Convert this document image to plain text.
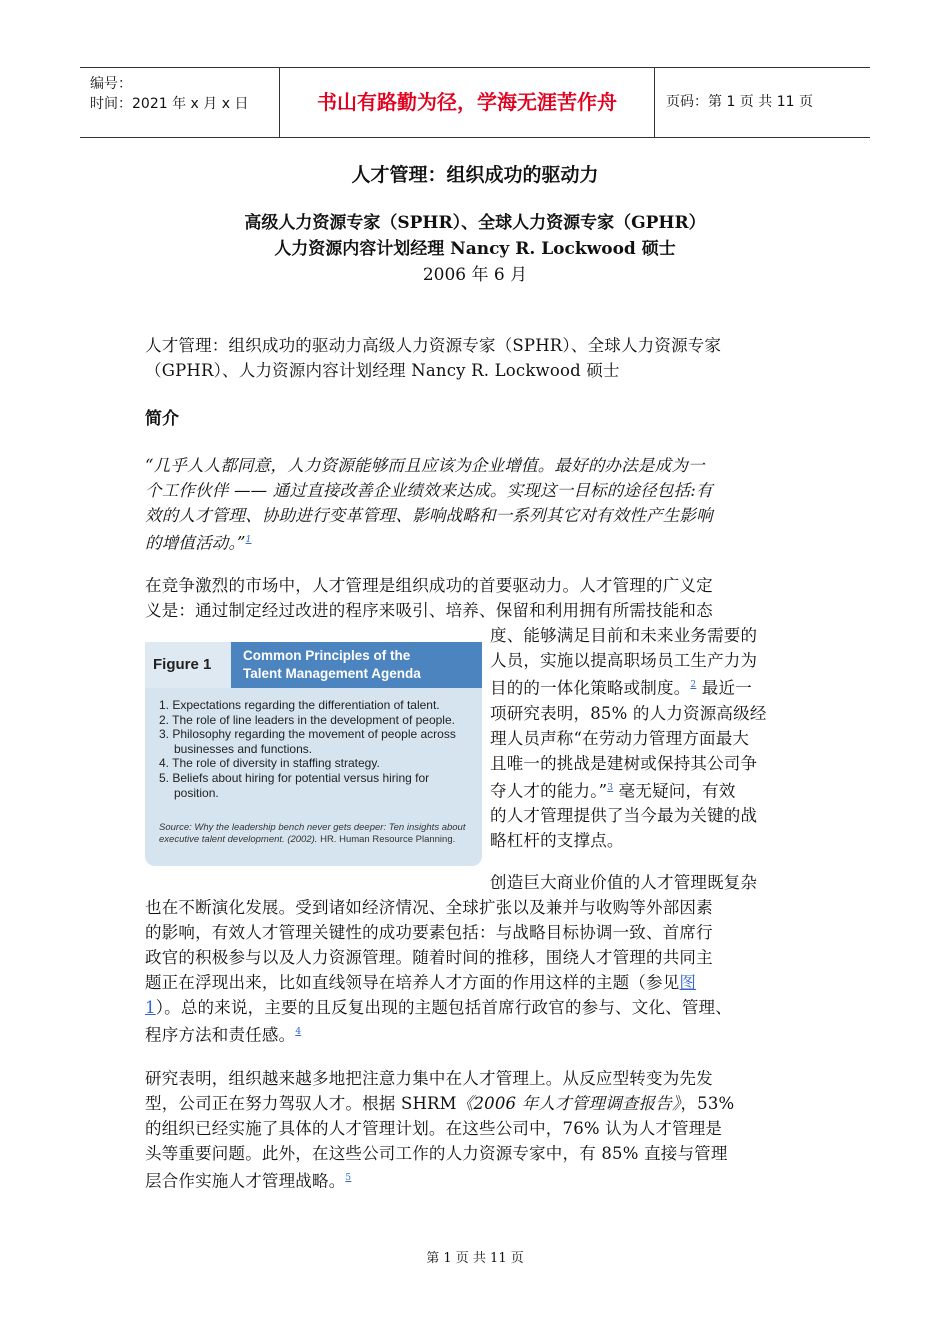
编号：
时间：2021 年 x 月 x 日	书山有路勤为径，学海无涯苦作舟	页码：第 1 页 共 11 页
人才管理：组织成功的驱动力
高级人力资源专家（SPHR）、全球人力资源专家（GPHR）
人力资源内容计划经理 Nancy R. Lockwood 硕士
2006 年 6 月
人才管理：组织成功的驱动力高级人力资源专家（SPHR）、全球人力资源专家
（GPHR）、人力资源内容计划经理 Nancy R. Lockwood 硕士
简介
“几乎人人都同意，人力资源能够而且应该为企业增值。最好的办法是成为一
个工作伙伴 —— 通过直接改善企业绩效来达成。实现这一目标的途径包括:有
效的人才管理、协助进行变革管理、影响战略和一系列其它对有效性产生影响
的增值活动。”$^1$
在竞争激烈的市场中，人才管理是组织成功的首要驱动力。人才管理的广义定
义是：通过制定经过改进的程序来吸引、培养、保留和利用拥有所需技能和态
度、能够满足目前和未来业务需要的
人员，实施以提高职场员工生产力为
目的的一体化策略或制度。$^2$ 最近一
项研究表明，85% 的人力资源高级经
理人员声称“在劳动力管理方面最大
且唯一的挑战是建树或保持其公司争
夺人才的能力。”$^3$ 毫无疑问，有效
的人才管理提供了当今最为关键的战
略杠杆的支撑点。
Figure 1
Common Principles of the
Talent Management Agenda
1. Expectations regarding the differentiation of talent.
2. The role of line leaders in the development of people.
3. Philosophy regarding the movement of people across businesses and functions.
4. The role of diversity in staffing strategy.
5. Beliefs about hiring for potential versus hiring for position.
Source: Why the leadership bench never gets deeper: Ten insights about executive talent development. (2002). HR. Human Resource Planning.
创造巨大商业价值的人才管理既复杂
也在不断演化发展。受到诸如经济情况、全球扩张以及兼并与收购等外部因素
的影响，有效人才管理关键性的成功要素包括：与战略目标协调一致、首席行
政官的积极参与以及人力资源管理。随着时间的推移，围绕人才管理的共同主
题正在浮现出来，比如直线领导在培养人才方面的作用这样的主题（参见图
1）。总的来说，主要的且反复出现的主题包括首席行政官的参与、文化、管理、
程序方法和责任感。$^4$
研究表明，组织越来越多地把注意力集中在人才管理上。从反应型转变为先发
型，公司正在努力驾驭人才。根据 SHRM《2006 年人才管理调查报告》，53%
的组织已经实施了具体的人才管理计划。在这些公司中，76% 认为人才管理是
头等重要问题。此外，在这些公司工作的人力资源专家中，有 85% 直接与管理
层合作实施人才管理战略。$^5$
第 1 页 共 11 页
